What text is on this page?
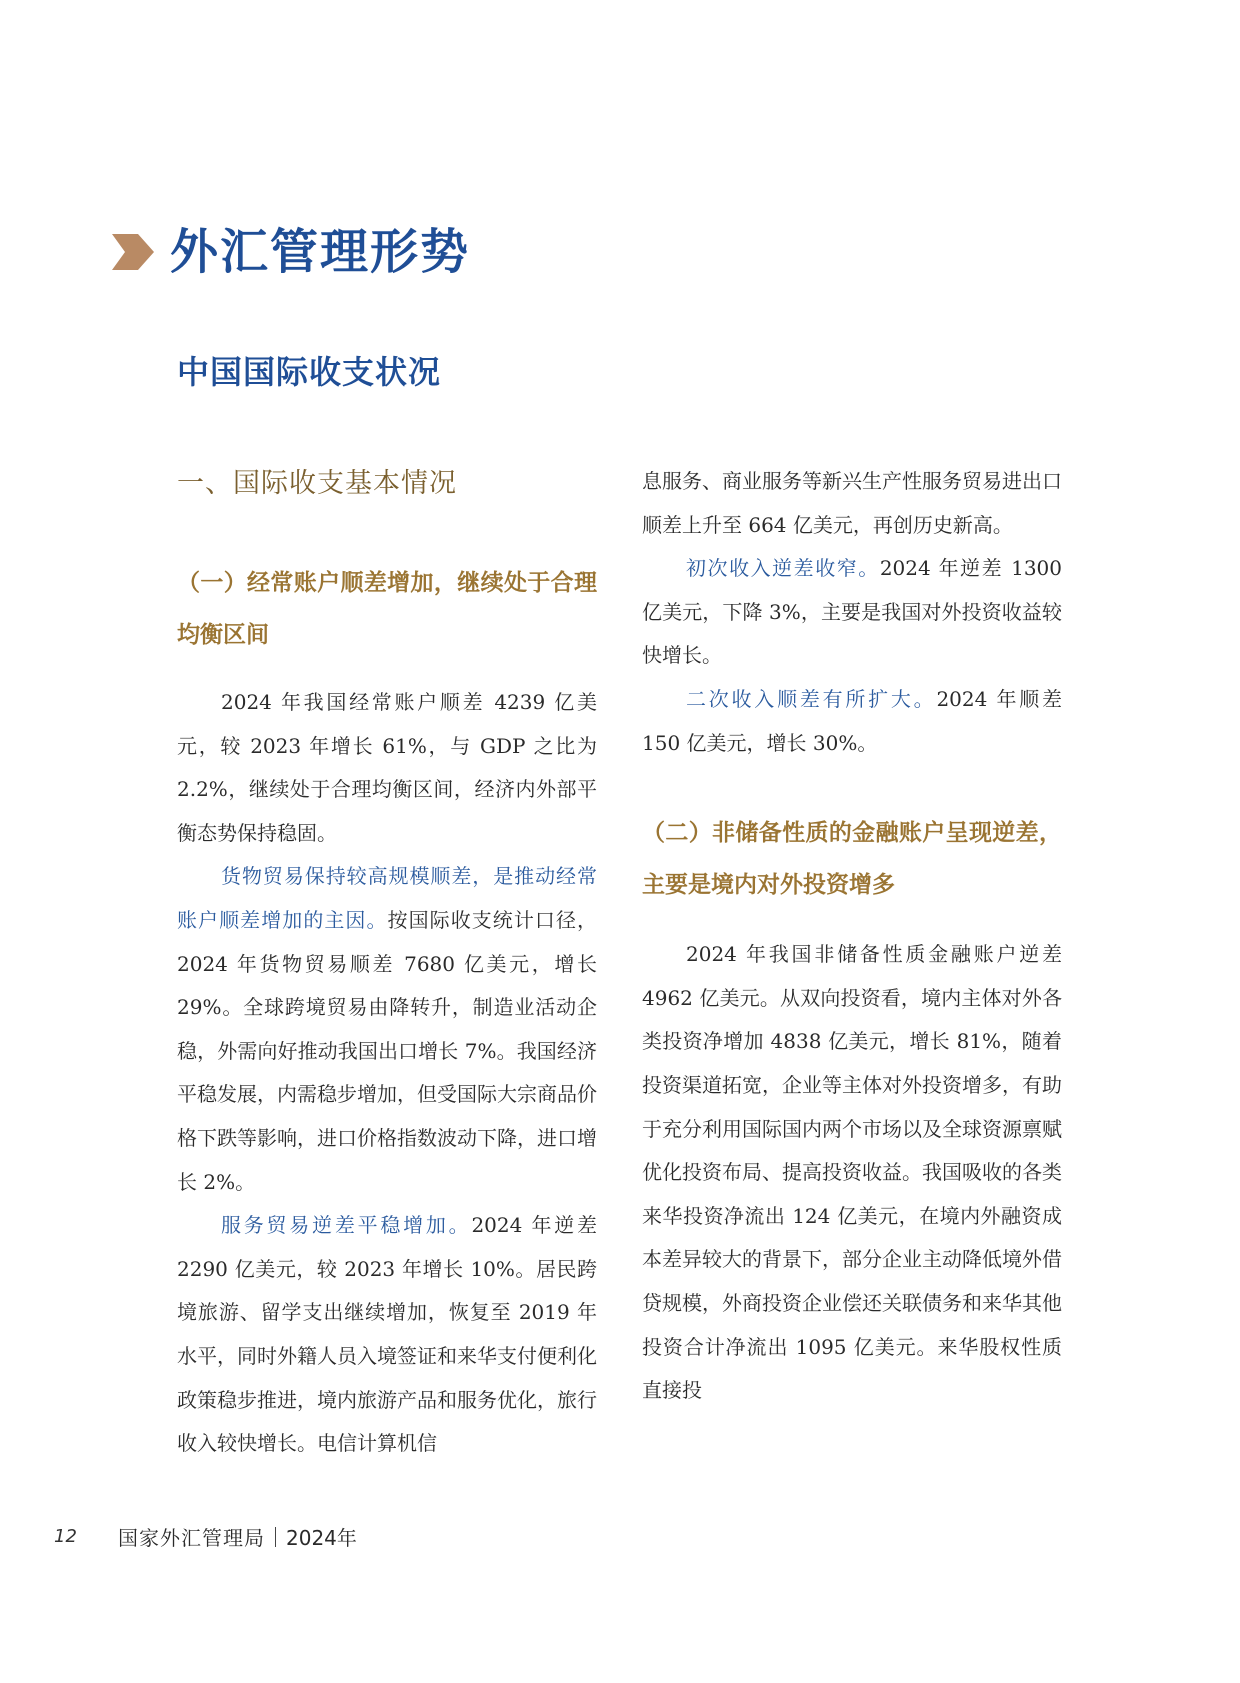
外汇管理形势
中国国际收支状况
一、国际收支基本情况
（一）经常账户顺差增加，继续处于合理均衡区间

2024 年我国经常账户顺差 4239 亿美元，较 2023 年增长 61%，与 GDP 之比为 2.2%，继续处于合理均衡区间，经济内外部平衡态势保持稳固。

货物贸易保持较高规模顺差，是推动经常账户顺差增加的主因。按国际收支统计口径，2024 年货物贸易顺差 7680 亿美元，增长 29%。全球跨境贸易由降转升，制造业活动企稳，外需向好推动我国出口增长 7%。我国经济平稳发展，内需稳步增加，但受国际大宗商品价格下跌等影响，进口价格指数波动下降，进口增长 2%。

服务贸易逆差平稳增加。2024 年逆差 2290 亿美元，较 2023 年增长 10%。居民跨境旅游、留学支出继续增加，恢复至 2019 年水平，同时外籍人员入境签证和来华支付便利化政策稳步推进，境内旅游产品和服务优化，旅行收入较快增长。电信计算机信

息服务、商业服务等新兴生产性服务贸易进出口顺差上升至 664 亿美元，再创历史新高。

初次收入逆差收窄。2024 年逆差 1300 亿美元，下降 3%，主要是我国对外投资收益较快增长。

二次收入顺差有所扩大。2024 年顺差 150 亿美元，增长 30%。

（二）非储备性质的金融账户呈现逆差，主要是境内对外投资增多

2024 年我国非储备性质金融账户逆差 4962 亿美元。从双向投资看，境内主体对外各类投资净增加 4838 亿美元，增长 81%，随着投资渠道拓宽，企业等主体对外投资增多，有助于充分利用国际国内两个市场以及全球资源禀赋优化投资布局、提高投资收益。我国吸收的各类来华投资净流出 124 亿美元，在境内外融资成本差异较大的背景下，部分企业主动降低境外借贷规模，外商投资企业偿还关联债务和来华其他投资合计净流出 1095 亿美元。来华股权性质直接投

12	国家外汇管理局 2024年
